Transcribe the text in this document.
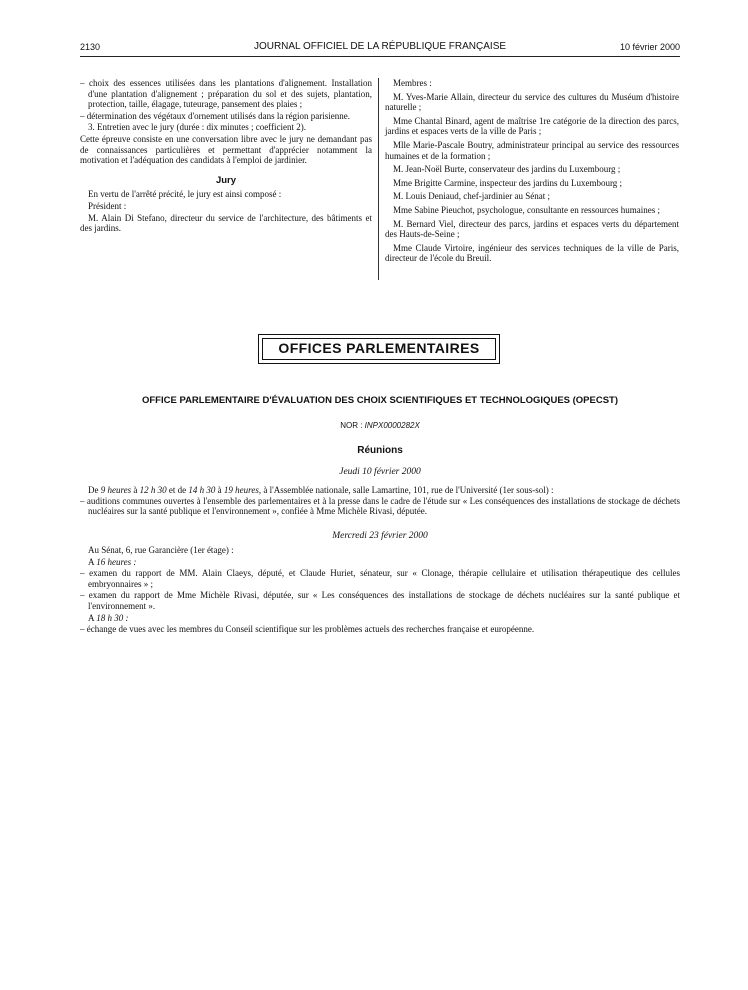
2130	JOURNAL OFFICIEL DE LA RÉPUBLIQUE FRANÇAISE	10 février 2000

– choix des essences utilisées dans les plantations d'alignement. Installation d'une plantation d'alignement ; préparation du sol et des sujets, plantation, protection, taille, élagage, tuteurage, pansement des plaies ;

– détermination des végétaux d'ornement utilisés dans la région parisienne.

3. Entretien avec le jury (durée : dix minutes ; coefficient 2).

Cette épreuve consiste en une conversation libre avec le jury ne demandant pas de connaissances particulières et permettant d'apprécier notamment la motivation et l'adéquation des candidats à l'emploi de jardinier.

Jury

En vertu de l'arrêté précité, le jury est ainsi composé :

Président :

M. Alain Di Stefano, directeur du service de l'architecture, des bâtiments et des jardins.

Membres :

M. Yves-Marie Allain, directeur du service des cultures du Muséum d'histoire naturelle ;

Mme Chantal Binard, agent de maîtrise 1re catégorie de la direction des parcs, jardins et espaces verts de la ville de Paris ;

Mlle Marie-Pascale Boutry, administrateur principal au service des ressources humaines et de la formation ;

M. Jean-Noël Burte, conservateur des jardins du Luxembourg ;

Mme Brigitte Carmine, inspecteur des jardins du Luxembourg ;

M. Louis Deniaud, chef-jardinier au Sénat ;

Mme Sabine Pieuchot, psychologue, consultante en ressources humaines ;

M. Bernard Viel, directeur des parcs, jardins et espaces verts du département des Hauts-de-Seine ;

Mme Claude Virtoire, ingénieur des services techniques de la ville de Paris, directeur de l'école du Breuil.

OFFICES PARLEMENTAIRES
OFFICE PARLEMENTAIRE D'ÉVALUATION DES CHOIX SCIENTIFIQUES ET TECHNOLOGIQUES (OPECST)
NOR : INPX0000282X
Réunions
Jeudi 10 février 2000

De 9 heures à 12 h 30 et de 14 h 30 à 19 heures, à l'Assemblée nationale, salle Lamartine, 101, rue de l'Université (1er sous-sol) :

– auditions communes ouvertes à l'ensemble des parlementaires et à la presse dans le cadre de l'étude sur « Les conséquences des installations de stockage de déchets nucléaires sur la santé publique et l'environnement », confiée à Mme Michèle Rivasi, députée.

Mercredi 23 février 2000

Au Sénat, 6, rue Garancière (1er étage) :

A 16 heures :

– examen du rapport de MM. Alain Claeys, député, et Claude Huriet, sénateur, sur « Clonage, thérapie cellulaire et utilisation thérapeutique des cellules embryonnaires » ;

– examen du rapport de Mme Michèle Rivasi, députée, sur « Les conséquences des installations de stockage de déchets nucléaires sur la santé publique et l'environnement ».

A 18 h 30 :

– échange de vues avec les membres du Conseil scientifique sur les problèmes actuels des recherches française et européenne.
